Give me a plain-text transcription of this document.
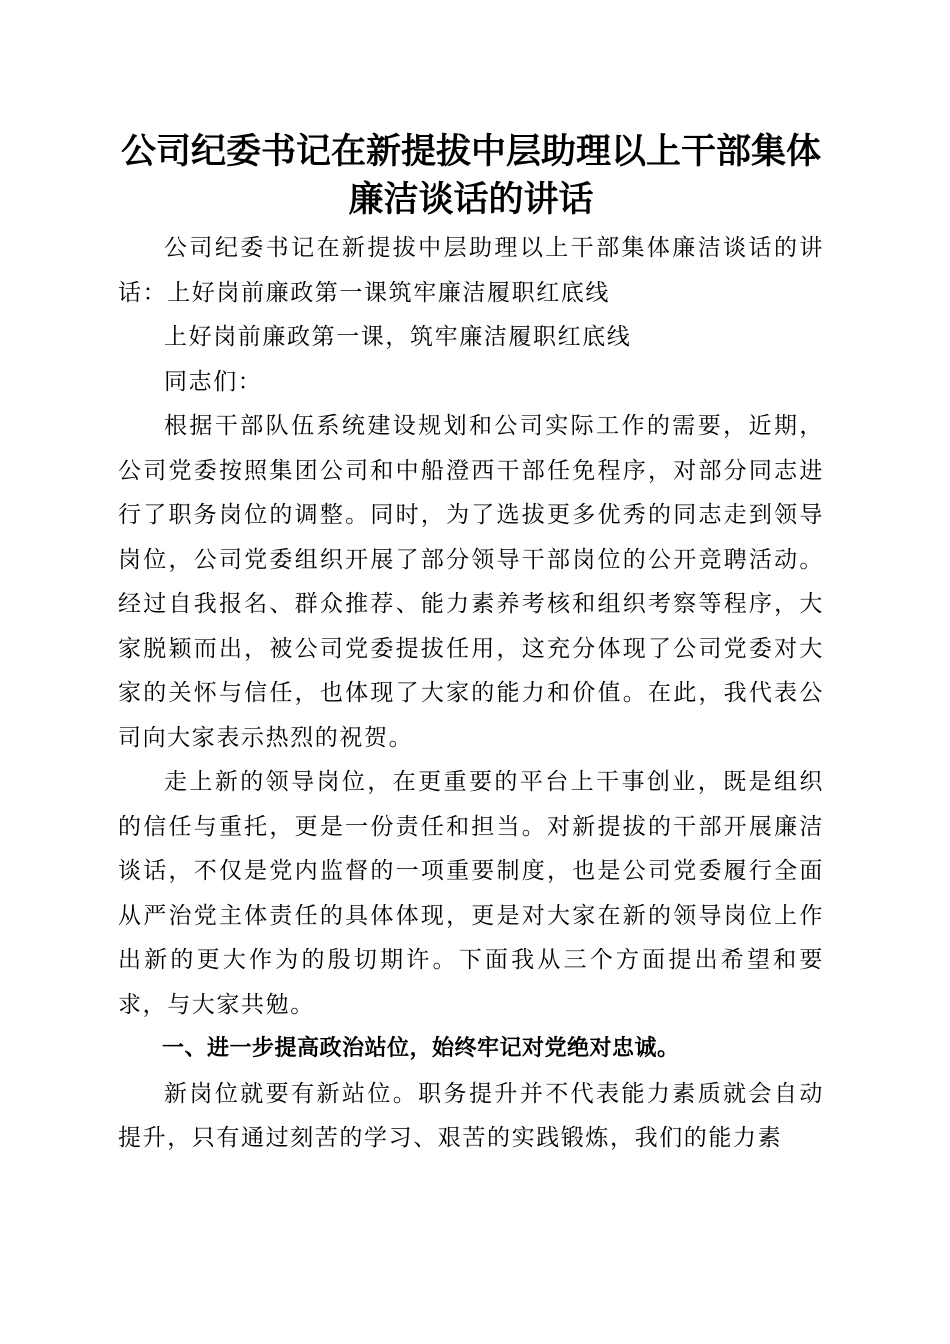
公司纪委书记在新提拔中层助理以上干部集体廉洁谈话的讲话

公司纪委书记在新提拔中层助理以上干部集体廉洁谈话的讲话：上好岗前廉政第一课筑牢廉洁履职红底线

上好岗前廉政第一课，筑牢廉洁履职红底线

同志们：

根据干部队伍系统建设规划和公司实际工作的需要，近期，公司党委按照集团公司和中船澄西干部任免程序，对部分同志进行了职务岗位的调整。同时，为了选拔更多优秀的同志走到领导岗位，公司党委组织开展了部分领导干部岗位的公开竞聘活动。经过自我报名、群众推荐、能力素养考核和组织考察等程序，大家脱颖而出，被公司党委提拔任用，这充分体现了公司党委对大家的关怀与信任，也体现了大家的能力和价值。在此，我代表公司向大家表示热烈的祝贺。

走上新的领导岗位，在更重要的平台上干事创业，既是组织的信任与重托，更是一份责任和担当。对新提拔的干部开展廉洁谈话，不仅是党内监督的一项重要制度，也是公司党委履行全面从严治党主体责任的具体体现，更是对大家在新的领导岗位上作出新的更大作为的殷切期许。下面我从三个方面提出希望和要求，与大家共勉。

一、进一步提高政治站位，始终牢记对党绝对忠诚。

新岗位就要有新站位。职务提升并不代表能力素质就会自动提升，只有通过刻苦的学习、艰苦的实践锻炼，我们的能力素
